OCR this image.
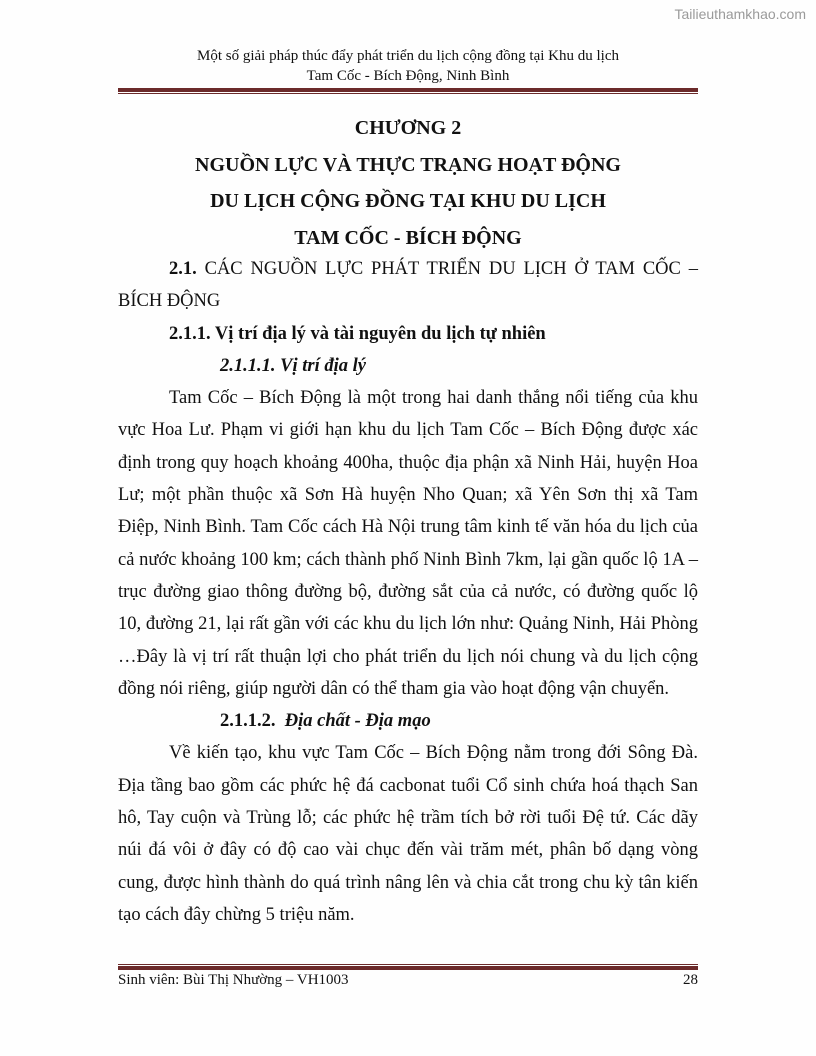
Tailieuthamkhao.com
Một số giải pháp thúc đẩy phát triển du lịch cộng đồng tại Khu du lịch
Tam Cốc - Bích Động, Ninh Bình
CHƯƠNG 2
NGUỒN LỰC VÀ THỰC TRẠNG HOẠT ĐỘNG
DU LỊCH CỘNG ĐỒNG TẠI KHU DU LỊCH
TAM CỐC - BÍCH ĐỘNG

2.1. CÁC NGUỒN LỰC PHÁT TRIỂN DU LỊCH Ở TAM CỐC – BÍCH ĐỘNG

2.1.1. Vị trí địa lý và tài nguyên du lịch tự nhiên

2.1.1.1. Vị trí địa lý

Tam Cốc – Bích Động là một trong hai danh thắng nổi tiếng của khu vực Hoa Lư. Phạm vi giới hạn khu du lịch Tam Cốc – Bích Động được xác định trong quy hoạch khoảng 400ha, thuộc địa phận xã Ninh Hải, huyện Hoa Lư; một phần thuộc xã Sơn Hà huyện Nho Quan; xã Yên Sơn thị xã Tam Điệp, Ninh Bình. Tam Cốc cách Hà Nội trung tâm kinh tế văn hóa du lịch của cả nước khoảng 100 km; cách thành phố Ninh Bình 7km, lại gần quốc lộ 1A – trục đường giao thông đường bộ, đường sắt của cả nước, có đường quốc lộ 10, đường 21, lại rất gần với các khu du lịch lớn như: Quảng Ninh, Hải Phòng …Đây là vị trí rất thuận lợi cho phát triển du lịch nói chung và du lịch cộng đồng nói riêng, giúp người dân có thể tham gia vào hoạt động vận chuyển.

2.1.1.2. Địa chất - Địa mạo

Về kiến tạo, khu vực Tam Cốc – Bích Động nằm trong đới Sông Đà. Địa tầng bao gồm các phức hệ đá cacbonat tuổi Cổ sinh chứa hoá thạch San hô, Tay cuộn và Trùng lỗ; các phức hệ trầm tích bở rời tuổi Đệ tứ. Các dãy núi đá vôi ở đây có độ cao vài chục đến vài trăm mét, phân bố dạng vòng cung, được hình thành do quá trình nâng lên và chia cắt trong chu kỳ tân kiến tạo cách đây chừng 5 triệu năm.

Sinh viên: Bùi Thị Nhường – VH1003	28
